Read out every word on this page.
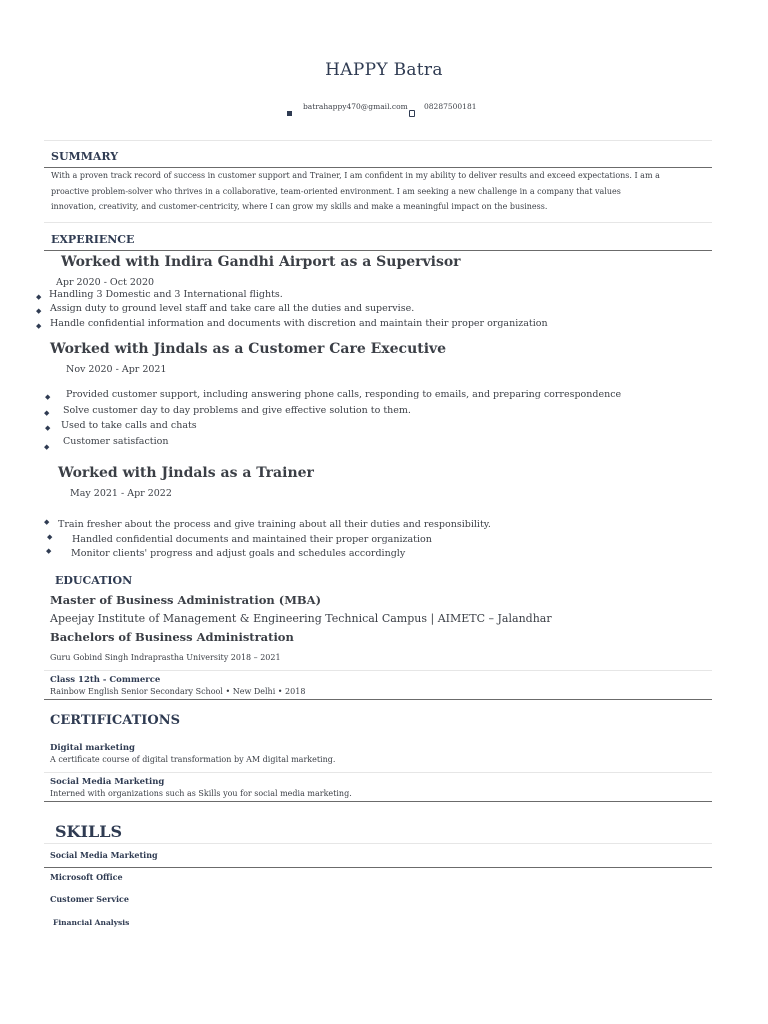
HAPPY Batra
batrahappy470@gmail.com 08287500181
SUMMARY
With a proven track record of success in customer support and Trainer, I am confident in my ability to deliver results and exceed expectations. I am a
proactive problem-solver who thrives in a collaborative, team-oriented environment. I am seeking a new challenge in a company that values
innovation, creativity, and customer-centricity, where I can grow my skills and make a meaningful impact on the business.
EXPERIENCE
Worked with Indira Gandhi Airport as a Supervisor
Apr 2020 - Oct 2020
◆ Handling 3 Domestic and 3 International flights.
◆ Assign duty to ground level staff and take care all the duties and supervise.
◆ Handle confidential information and documents with discretion and maintain their proper organization
Worked with Jindals as a Customer Care Executive
Nov 2020 - Apr 2021
◆ Provided customer support, including answering phone calls, responding to emails, and preparing correspondence
◆ Solve customer day to day problems and give effective solution to them.
◆ Used to take calls and chats
◆ Customer satisfaction
Worked with Jindals as a Trainer
May 2021 - Apr 2022
◆ Train fresher about the process and give training about all their duties and responsibility.
◆ Handled confidential documents and maintained their proper organization
◆ Monitor clients' progress and adjust goals and schedules accordingly
EDUCATION
Master of Business Administration (MBA)
Apeejay Institute of Management & Engineering Technical Campus | AIMETC – Jalandhar
Bachelors of Business Administration
Guru Gobind Singh Indraprastha University 2018 – 2021
Class 12th - Commerce
Rainbow English Senior Secondary School • New Delhi • 2018
CERTIFICATIONS
Digital marketing
A certificate course of digital transformation by AM digital marketing.
Social Media Marketing
Interned with organizations such as Skills you for social media marketing.
SKILLS
Social Media Marketing
Microsoft Office
Customer Service
Financial Analysis
